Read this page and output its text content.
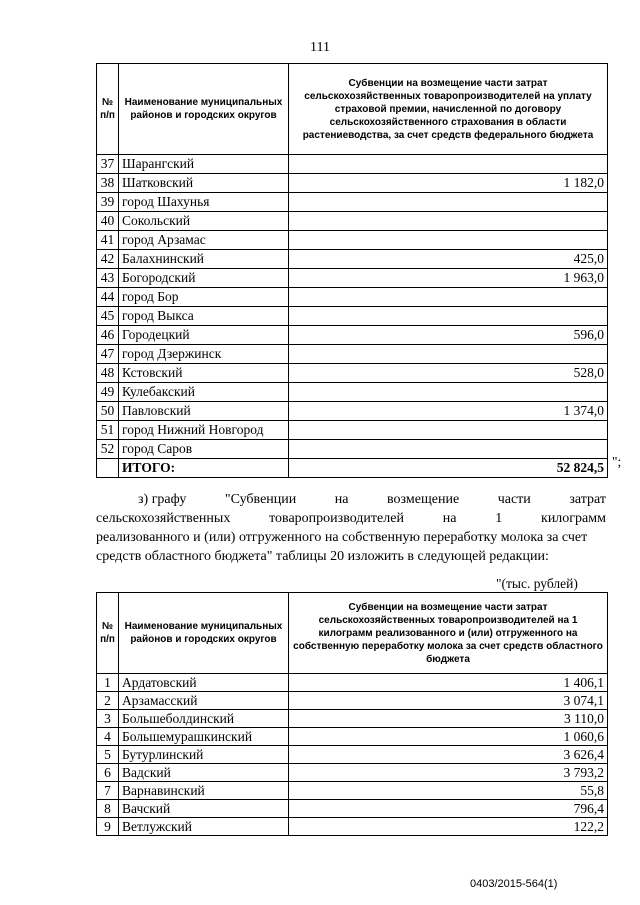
111
№ п/п	Наименование муниципальных районов и городских округов	Субвенции на возмещение части затрат сельскохозяйственных товаропроизводителей на уплату страховой премии, начисленной по договору сельскохозяйственного страхования в области растениеводства, за счет средств федерального бюджета
37	Шарангский	
38	Шатковский	1 182,0
39	город Шахунья	
40	Сокольский	
41	город Арзамас	
42	Балахнинский	425,0
43	Богородский	1 963,0
44	город Бор	
45	город Выкса	
46	Городецкий	596,0
47	город Дзержинск	
48	Кстовский	528,0
49	Кулебакский	
50	Павловский	1 374,0
51	город Нижний Новгород	
52	город Саров	
	ИТОГО:	52 824,5 ";
з) графу	"Субвенции	на	возмещение	части	затрат
сельскохозяйственных	товаропроизводителей	на	1	килограмм
реализованного и (или) отгруженного на собственную переработку молока за счет средств областного бюджета" таблицы 20 изложить в следующей редакции:
"(тыс. рублей)
№ п/п	Наименование муниципальных районов и городских округов	Субвенции на возмещение части затрат сельскохозяйственных товаропроизводителей на 1 килограмм реализованного и (или) отгруженного на собственную переработку молока за счет средств областного бюджета
1	Ардатовский	1 406,1
2	Арзамасский	3 074,1
3	Большеболдинский	3 110,0
4	Большемурашкинский	1 060,6
5	Бутурлинский	3 626,4
6	Вадский	3 793,2
7	Варнавинский	55,8
8	Вачский	796,4
9	Ветлужский	122,2
0403/2015-564(1)
